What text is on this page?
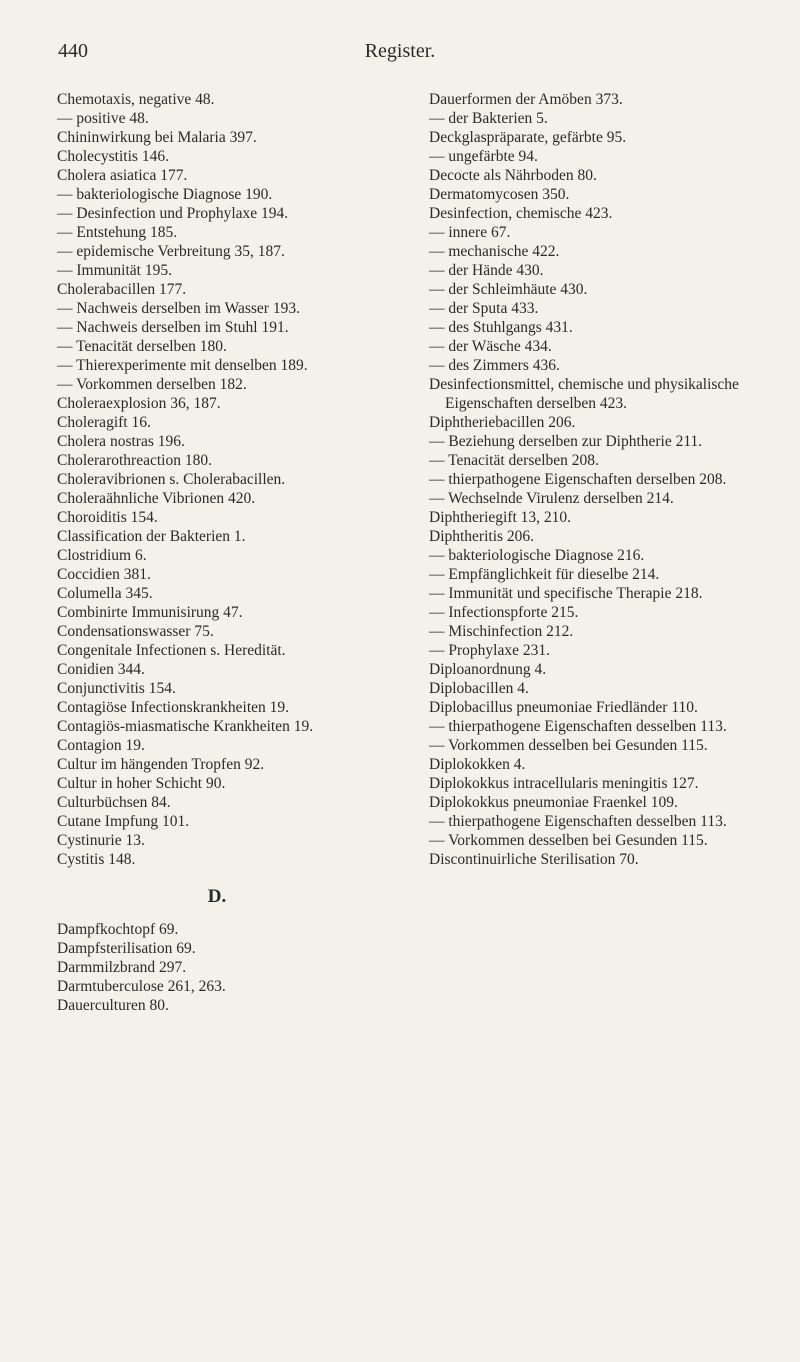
440	Register.
Chemotaxis, negative 48.
— positive 48.
Chininwirkung bei Malaria 397.
Cholecystitis 146.
Cholera asiatica 177.
— bakteriologische Diagnose 190.
— Desinfection und Prophylaxe 194.
— Entstehung 185.
— epidemische Verbreitung 35, 187.
— Immunität 195.
Cholerabacillen 177.
— Nachweis derselben im Wasser 193.
— Nachweis derselben im Stuhl 191.
— Tenacität derselben 180.
— Thierexperimente mit denselben 189.
— Vorkommen derselben 182.
Choleraexplosion 36, 187.
Choleragift 16.
Cholera nostras 196.
Cholerarothreaction 180.
Choleravibrionen s. Cholerabacillen.
Choleraähnliche Vibrionen 420.
Choroiditis 154.
Classification der Bakterien 1.
Clostridium 6.
Coccidien 381.
Columella 345.
Combinirte Immunisirung 47.
Condensationswasser 75.
Congenitale Infectionen s. Heredität.
Conidien 344.
Conjunctivitis 154.
Contagiöse Infectionskrankheiten 19.
Contagiös-miasmatische Krankheiten 19.
Contagion 19.
Cultur im hängenden Tropfen 92.
Cultur in hoher Schicht 90.
Culturbüchsen 84.
Cutane Impfung 101.
Cystinurie 13.
Cystitis 148.
D.
Dampfkochtopf 69.
Dampfsterilisation 69.
Darmmilzbrand 297.
Darmtuberculose 261, 263.
Dauerculturen 80.
Dauerformen der Amöben 373.
— der Bakterien 5.
Deckglaspräparate, gefärbte 95.
— ungefärbte 94.
Decocte als Nährboden 80.
Dermatomycosen 350.
Desinfection, chemische 423.
— innere 67.
— mechanische 422.
— der Hände 430.
— der Schleimhäute 430.
— der Sputa 433.
— des Stuhlgangs 431.
— der Wäsche 434.
— des Zimmers 436.
Desinfectionsmittel, chemische und physikalische Eigenschaften derselben 423.
Diphtheriebacillen 206.
— Beziehung derselben zur Diphtherie 211.
— Tenacität derselben 208.
— thierpathogene Eigenschaften derselben 208.
— Wechselnde Virulenz derselben 214.
Diphtheriegift 13, 210.
Diphtheritis 206.
— bakteriologische Diagnose 216.
— Empfänglichkeit für dieselbe 214.
— Immunität und specifische Therapie 218.
— Infectionspforte 215.
— Mischinfection 212.
— Prophylaxe 231.
Diploanordnung 4.
Diplobacillen 4.
Diplobacillus pneumoniae Friedländer 110.
— thierpathogene Eigenschaften desselben 113.
— Vorkommen desselben bei Gesunden 115.
Diplokokken 4.
Diplokokkus intracellularis meningitis 127.
Diplokokkus pneumoniae Fraenkel 109.
— thierpathogene Eigenschaften desselben 113.
— Vorkommen desselben bei Gesunden 115.
Discontinuirliche Sterilisation 70.
